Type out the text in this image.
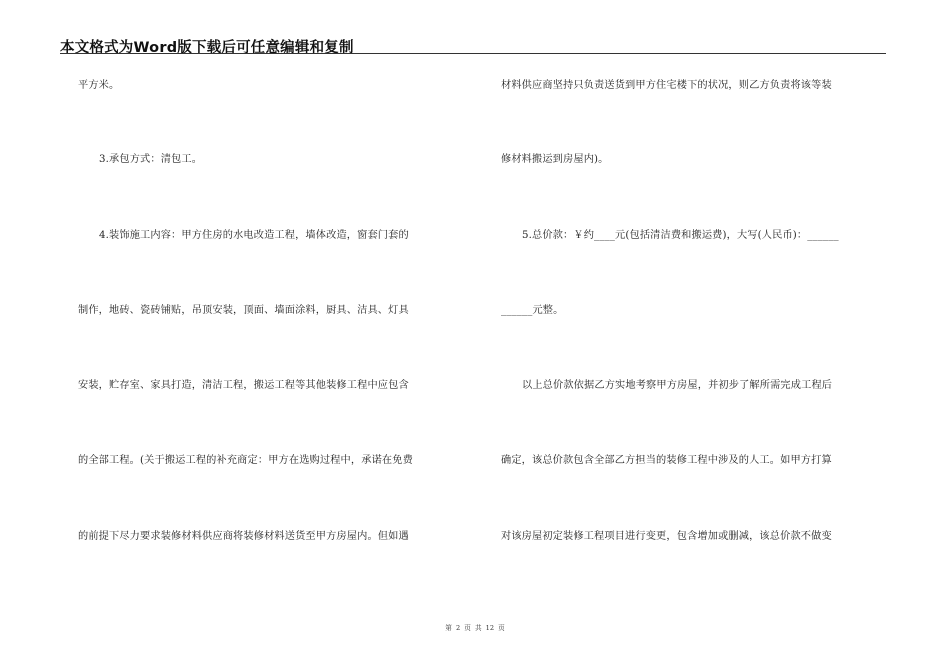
本文格式为Word版下载后可任意编辑和复制
平方米。
3.承包方式：清包工。
4.装饰施工内容：甲方住房的水电改造工程，墙体改造，窗套门套的
制作，地砖、瓷砖铺贴，吊顶安装，顶面、墙面涂料，厨具、洁具、灯具
安装，贮存室、家具打造，清洁工程，搬运工程等其他装修工程中应包含
的全部工程。(关于搬运工程的补充商定：甲方在选购过程中，承诺在免费
的前提下尽力要求装修材料供应商将装修材料送货至甲方房屋内。但如遇
材料供应商坚持只负责送货到甲方住宅楼下的状况，则乙方负责将该等装
修材料搬运到房屋内)。
5.总价款：￥约____元(包括清洁费和搬运费)，大写(人民币)：______
______元整。
以上总价款依据乙方实地考察甲方房屋，并初步了解所需完成工程后
确定，该总价款包含全部乙方担当的装修工程中涉及的人工。如甲方打算
对该房屋初定装修工程项目进行变更，包含增加或删减，该总价款不做变
第 2 页 共 12 页
